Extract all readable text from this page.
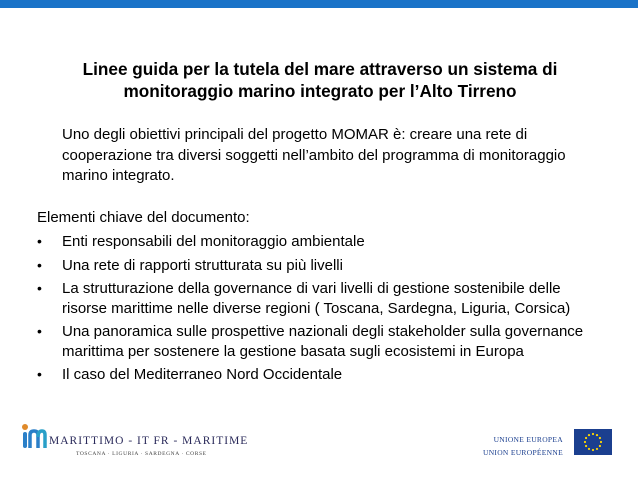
Linee guida per la tutela del mare attraverso un sistema di monitoraggio marino integrato per l’Alto Tirreno
Uno degli obiettivi principali del progetto MOMAR è: creare una rete di cooperazione tra diversi soggetti nell’ambito del programma di monitoraggio marino integrato.
Elementi chiave del documento:
• Enti responsabili del monitoraggio ambientale
• Una rete di rapporti strutturata su più livelli
• La strutturazione della governance di vari livelli di gestione sostenibile delle risorse marittime nelle diverse regioni ( Toscana, Sardegna, Liguria, Corsica)
• Una panoramica sulle prospettive nazionali degli stakeholder sulla governance marittima per sostenere la gestione basata sugli ecosistemi in Europa
• Il caso del Mediterraneo Nord Occidentale
MARITTIMO - IT FR - MARITIME
TOSCANA · LIGURIA · SARDEGNA · CORSE
UNIONE EUROPEA
UNION EUROPÉENNE
